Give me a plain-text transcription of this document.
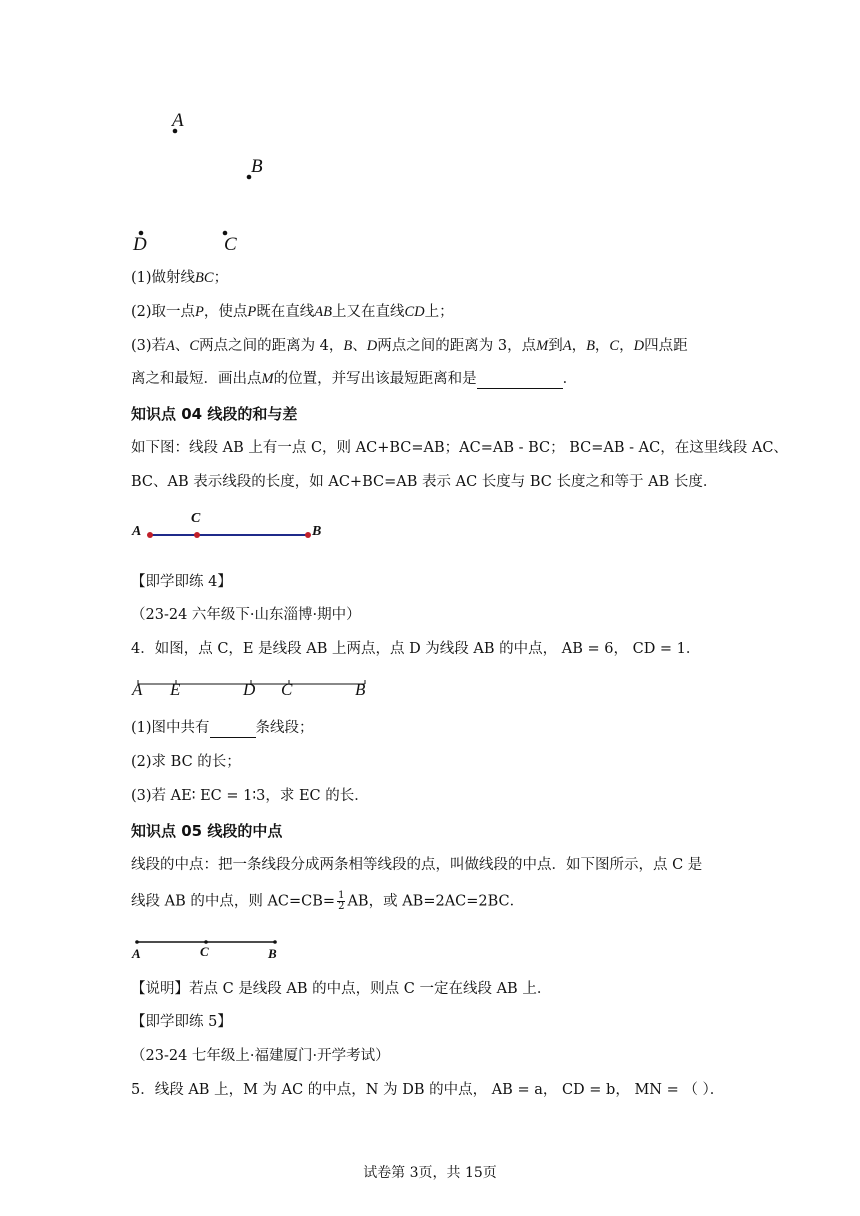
A
B
D	C
(1)做射线BC；
(2)取一点P，使点P既在直线AB上又在直线CD上；
(3)若A、C两点之间的距离为 4，B、D两点之间的距离为 3，点M到A，B，C，D四点距
离之和最短．画出点M的位置，并写出该最短距离和是	．
知识点 04 线段的和与差
如下图：线段 AB 上有一点 C，则 AC+BC=AB；AC=AB - BC； BC=AB - AC，在这里线段 AC、
BC、AB 表示线段的长度，如 AC+BC=AB 表示 AC 长度与 BC 长度之和等于 AB 长度．
A
C
B
【即学即练 4】
（23-24 六年级下·山东淄博·期中）
4．如图，点 C，E 是线段 AB 上两点，点 D 为线段 AB 的中点， AB = 6， CD = 1．
A E	D C	B
(1)图中共有	条线段；
(2)求 BC 的长；
(3)若 AE∶ EC = 1∶3，求 EC 的长．
知识点 05 线段的中点
线段的中点：把一条线段分成两条相等线段的点，叫做线段的中点．如下图所示，点 C 是
线段 AB 的中点，则 $AC=CB= \frac{1}{2}$ AB，或 AB=2AC=2BC．
A	C	B
【说明】若点 C 是线段 AB 的中点，则点 C 一定在线段 AB 上．
【即学即练 5】
（23-24 七年级上·福建厦门·开学考试）
5．线段 AB 上，M 为 AC 的中点，N 为 DB 的中点， AB = a， CD = b， MN = （ ）．
试卷第 3页，共 15页
